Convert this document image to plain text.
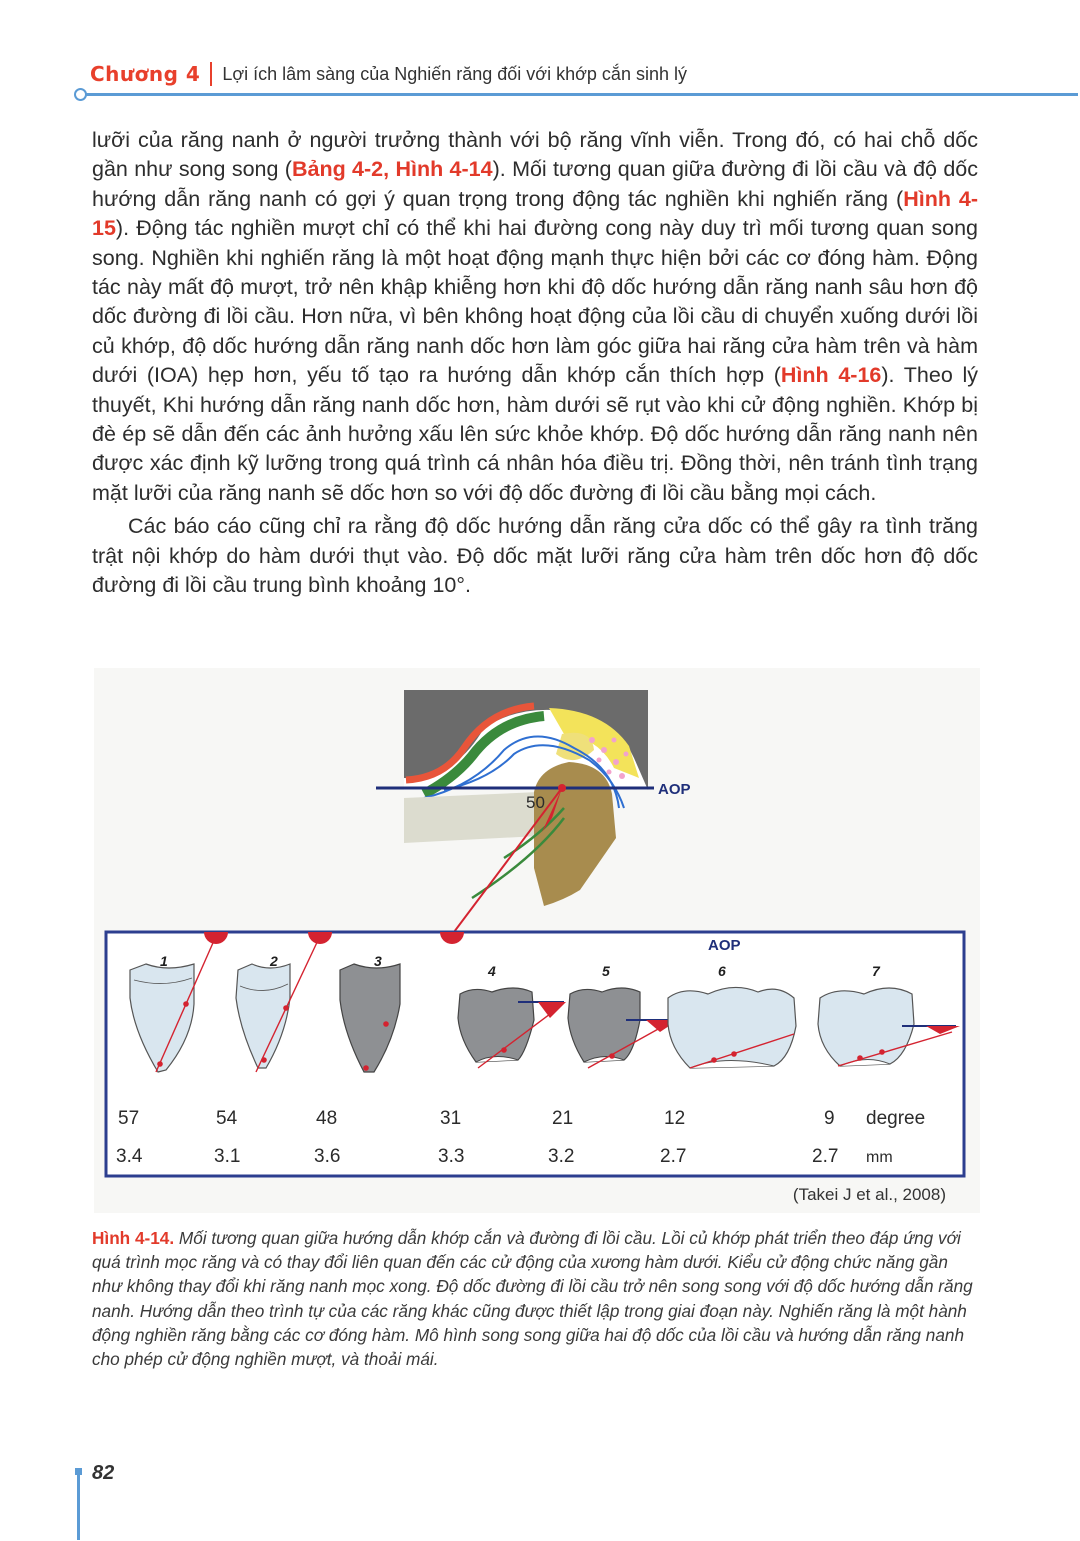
Chương 4 Lợi ích lâm sàng của Nghiến răng đối với khớp cắn sinh lý

lưỡi của răng nanh ở người trưởng thành với bộ răng vĩnh viễn. Trong đó, có hai chỗ dốc gần như song song (Bảng 4-2, Hình 4-14). Mối tương quan giữa đường đi lồi cầu và độ dốc hướng dẫn răng nanh có gợi ý quan trọng trong động tác nghiền khi nghiến răng (Hình 4-15). Động tác nghiền mượt chỉ có thể khi hai đường cong này duy trì mối tương quan song song. Nghiền khi nghiến răng là một hoạt động mạnh thực hiện bởi các cơ đóng hàm. Động tác này mất độ mượt, trở nên khập khiễng hơn khi độ dốc hướng dẫn răng nanh sâu hơn độ dốc đường đi lồi cầu. Hơn nữa, vì bên không hoạt động của lồi cầu di chuyển xuống dưới lồi củ khớp, độ dốc hướng dẫn răng nanh dốc hơn làm góc giữa hai răng cửa hàm trên và hàm dưới (IOA) hẹp hơn, yếu tố tạo ra hướng dẫn khớp cắn thích hợp (Hình 4-16). Theo lý thuyết, Khi hướng dẫn răng nanh dốc hơn, hàm dưới sẽ rụt vào khi cử động nghiền. Khớp bị đè ép sẽ dẫn đến các ảnh hưởng xấu lên sức khỏe khớp. Độ dốc hướng dẫn răng nanh nên được xác định kỹ lưỡng trong quá trình cá nhân hóa điều trị. Đồng thời, nên tránh tình trạng mặt lưỡi của răng nanh sẽ dốc hơn so với độ dốc đường đi lồi cầu bằng mọi cách.

Các báo cáo cũng chỉ ra rằng độ dốc hướng dẫn răng cửa dốc có thể gây ra tình trăng trật nội khớp do hàm dưới thụt vào. Độ dốc mặt lưỡi răng cửa hàm trên dốc hơn độ dốc đường đi lồi cầu trung bình khoảng 10°.

AOP
50
AOP
1	2	3
4	5	6	7
57	54	48	31	21	12	9 degree
3.4	3.1	3.6	3.3	3.2	2.7	2.7 mm
(Takei J et al., 2008)
Hình 4-14. Mối tương quan giữa hướng dẫn khớp cắn và đường đi lồi cầu. Lồi củ khớp phát triển theo đáp ứng với quá trình mọc răng và có thay đổi liên quan đến các cử động của xương hàm dưới. Kiểu cử động chức năng gần như không thay đổi khi răng nanh mọc xong. Độ dốc đường đi lồi cầu trở nên song song với độ dốc hướng dẫn răng nanh. Hướng dẫn theo trình tự của các răng khác cũng được thiết lập trong giai đoạn này. Nghiến răng là một hành động nghiền răng bằng các cơ đóng hàm. Mô hình song song giữa hai độ dốc của lồi cầu và hướng dẫn răng nanh cho phép cử động nghiền mượt, và thoải mái.
82
